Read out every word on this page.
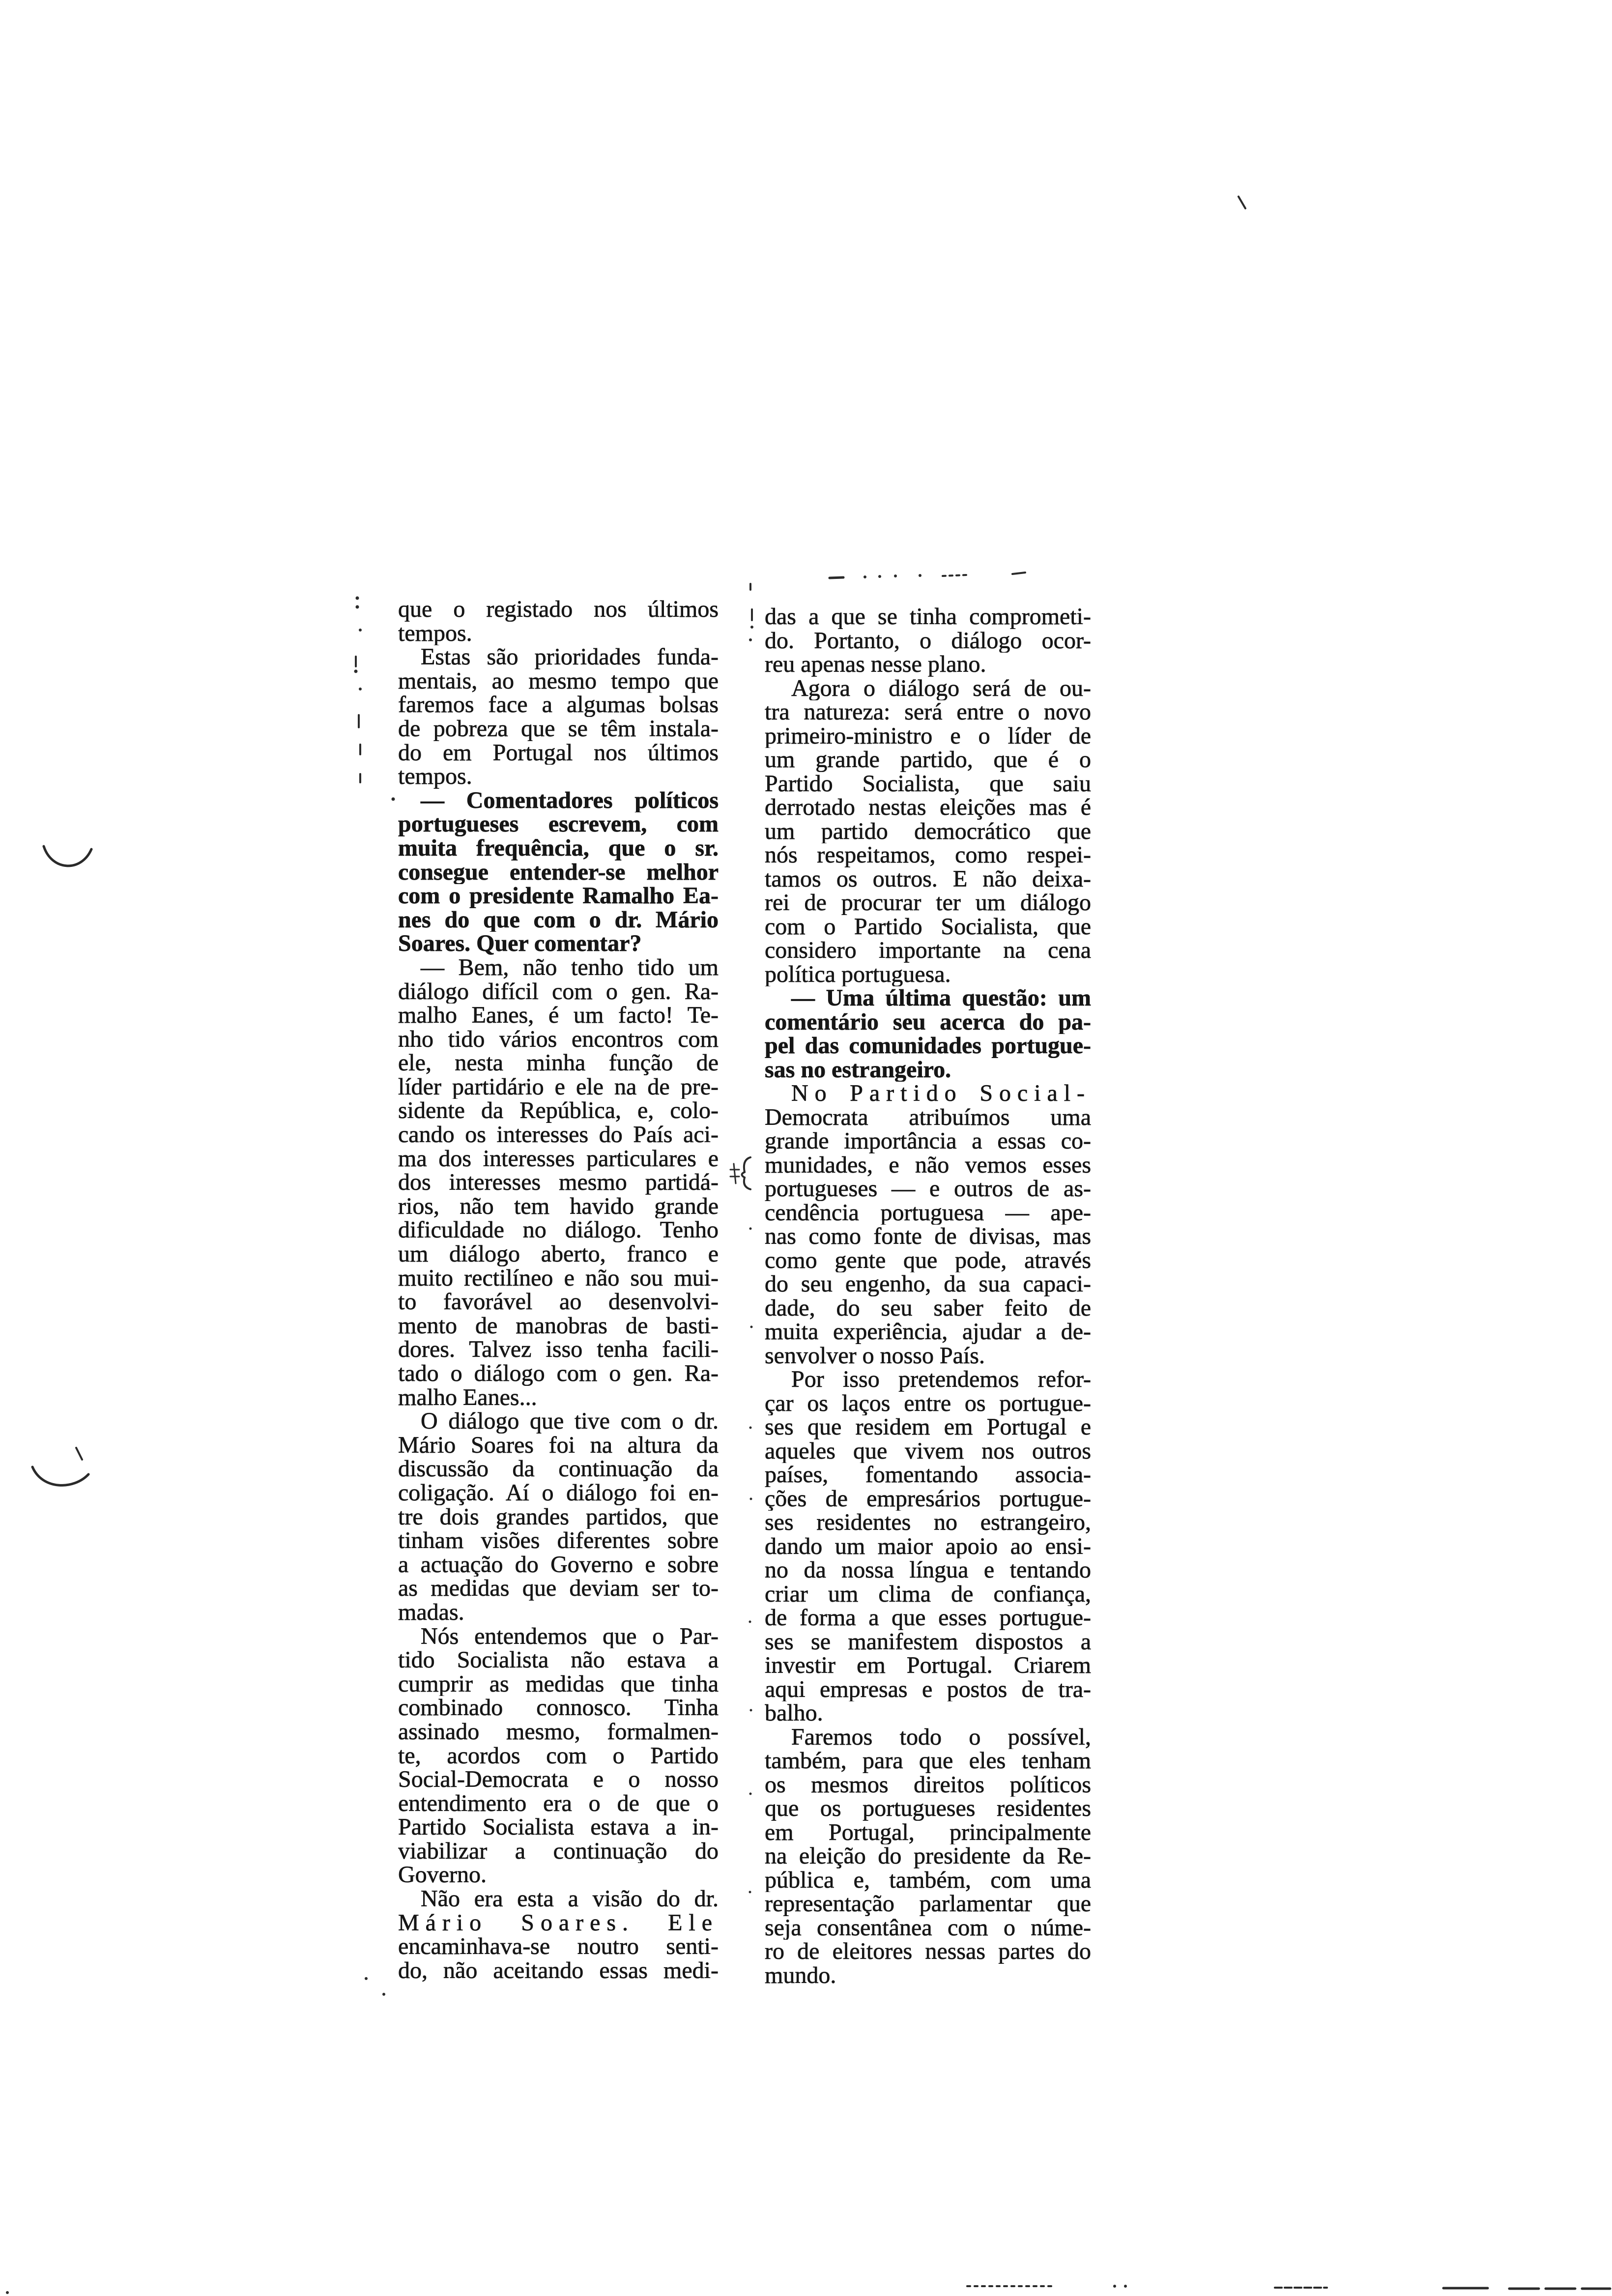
que o registado nos últimos
tempos.
Estas são prioridades funda-
mentais, ao mesmo tempo que
faremos face a algumas bolsas
de pobreza que se têm instala-
do em Portugal nos últimos
tempos.
— Comentadores políticos
portugueses escrevem, com
muita frequência, que o sr.
consegue entender-se melhor
com o presidente Ramalho Ea-
nes do que com o dr. Mário
Soares. Quer comentar?
— Bem, não tenho tido um
diálogo difícil com o gen. Ra-
malho Eanes, é um facto! Te-
nho tido vários encontros com
ele, nesta minha função de
líder partidário e ele na de pre-
sidente da República, e, colo-
cando os interesses do País aci-
ma dos interesses particulares e
dos interesses mesmo partidá-
rios, não tem havido grande
dificuldade no diálogo. Tenho
um diálogo aberto, franco e
muito rectilíneo e não sou mui-
to favorável ao desenvolvi-
mento de manobras de basti-
dores. Talvez isso tenha facili-
tado o diálogo com o gen. Ra-
malho Eanes...
O diálogo que tive com o dr.
Mário Soares foi na altura da
discussão da continuação da
coligação. Aí o diálogo foi en-
tre dois grandes partidos, que
tinham visões diferentes sobre
a actuação do Governo e sobre
as medidas que deviam ser to-
madas.
Nós entendemos que o Par-
tido Socialista não estava a
cumprir as medidas que tinha
combinado connosco. Tinha
assinado mesmo, formalmen-
te, acordos com o Partido
Social-Democrata e o nosso
entendimento era o de que o
Partido Socialista estava a in-
viabilizar a continuação do
Governo.
Não era esta a visão do dr.
Mário Soares. Ele
encaminhava-se noutro senti-
do, não aceitando essas medi-
das a que se tinha comprometi-
do. Portanto, o diálogo ocor-
reu apenas nesse plano.
Agora o diálogo será de ou-
tra natureza: será entre o novo
primeiro-ministro e o líder de
um grande partido, que é o
Partido Socialista, que saiu
derrotado nestas eleições mas é
um partido democrático que
nós respeitamos, como respei-
tamos os outros. E não deixa-
rei de procurar ter um diálogo
com o Partido Socialista, que
considero importante na cena
política portuguesa.
— Uma última questão: um
comentário seu acerca do pa-
pel das comunidades portugue-
sas no estrangeiro.
No Partido Social-
Democrata atribuímos uma
grande importância a essas co-
munidades, e não vemos esses
portugueses — e outros de as-
cendência portuguesa — ape-
nas como fonte de divisas, mas
como gente que pode, através
do seu engenho, da sua capaci-
dade, do seu saber feito de
muita experiência, ajudar a de-
senvolver o nosso País.
Por isso pretendemos refor-
çar os laços entre os portugue-
ses que residem em Portugal e
aqueles que vivem nos outros
países, fomentando associa-
ções de empresários portugue-
ses residentes no estrangeiro,
dando um maior apoio ao ensi-
no da nossa língua e tentando
criar um clima de confiança,
de forma a que esses portugue-
ses se manifestem dispostos a
investir em Portugal. Criarem
aqui empresas e postos de tra-
balho.
Faremos todo o possível,
também, para que eles tenham
os mesmos direitos políticos
que os portugueses residentes
em Portugal, principalmente
na eleição do presidente da Re-
pública e, também, com uma
representação parlamentar que
seja consentânea com o núme-
ro de eleitores nessas partes do
mundo.
